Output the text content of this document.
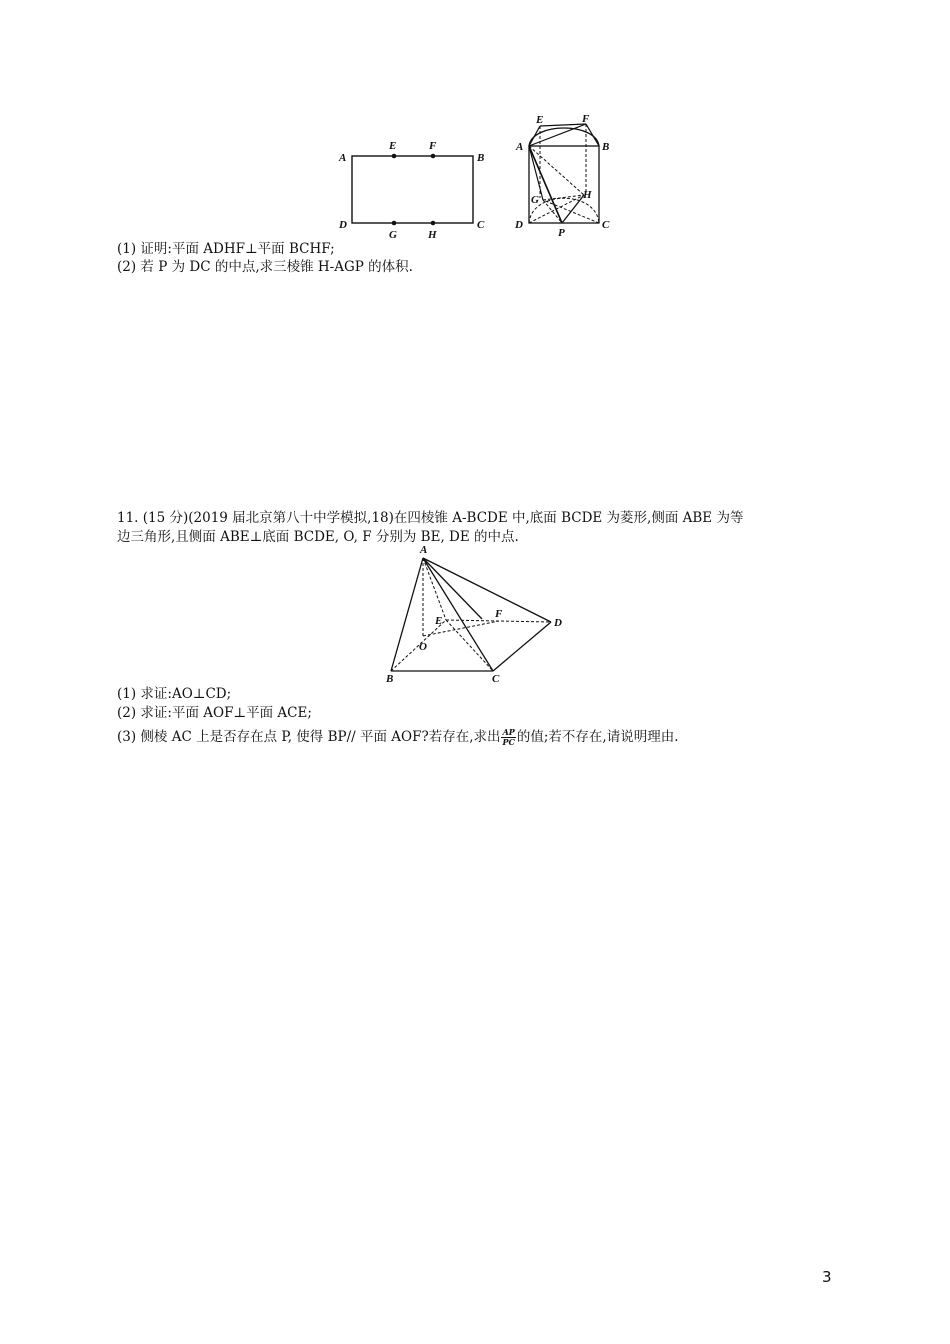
A
E	F
B
D
G	H
C
E	F
A	B
G	H
D
P
C
(1) 证明:平面 ADHF⊥平面 BCHF;
(2) 若 P 为 DC 的中点,求三棱锥 H-AGP 的体积.
11. (15 分)(2019 届北京第八十中学模拟,18)在四棱锥 A-BCDE 中,底面 BCDE 为菱形,侧面 ABE 为等
边三角形,且侧面 ABE⊥底面 BCDE, O, F 分别为 BE, DE 的中点.
A
F
D
E
O
B	C
(1) 求证:AO⊥CD;
(2) 求证:平面 AOF⊥平面 ACE;
(3) 侧棱 AC 上是否存在点 P, 使得 BP// 平面 AOF?若存在,求出 $\frac{AP}{PC}$ 的值;若不存在,请说明理由.
3
